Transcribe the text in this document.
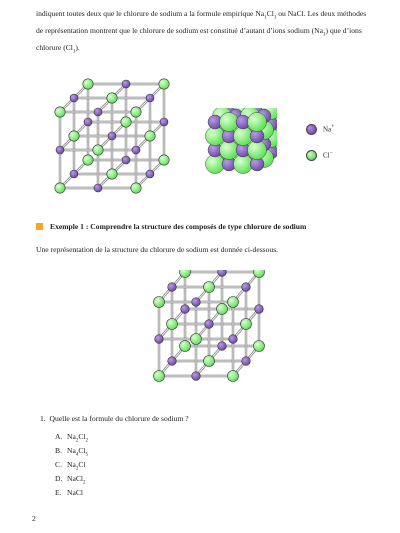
indiquent toutes deux que le chlorure de sodium a la formule empirique $Na_1Cl_1$ ou NaCl. Les deux méthodes de représentation montrent que le chlorure de sodium est constitué d’autant d’ions sodium $(Na_1)$ que d’ions chlorure $(Cl_1)$.
Na+
Cl−
Exemple 1 : Comprendre la structure des composés de type chlorure de sodium
Une représentation de la structure du chlorure de sodium est donnée ci-dessous.
1. Quelle est la formule du chlorure de sodium ?
A. $Na_2Cl_2$
B. $Na_4Cl_5$
C. $Na_2Cl$
D. NaCl$_2$
E. NaCl
2
